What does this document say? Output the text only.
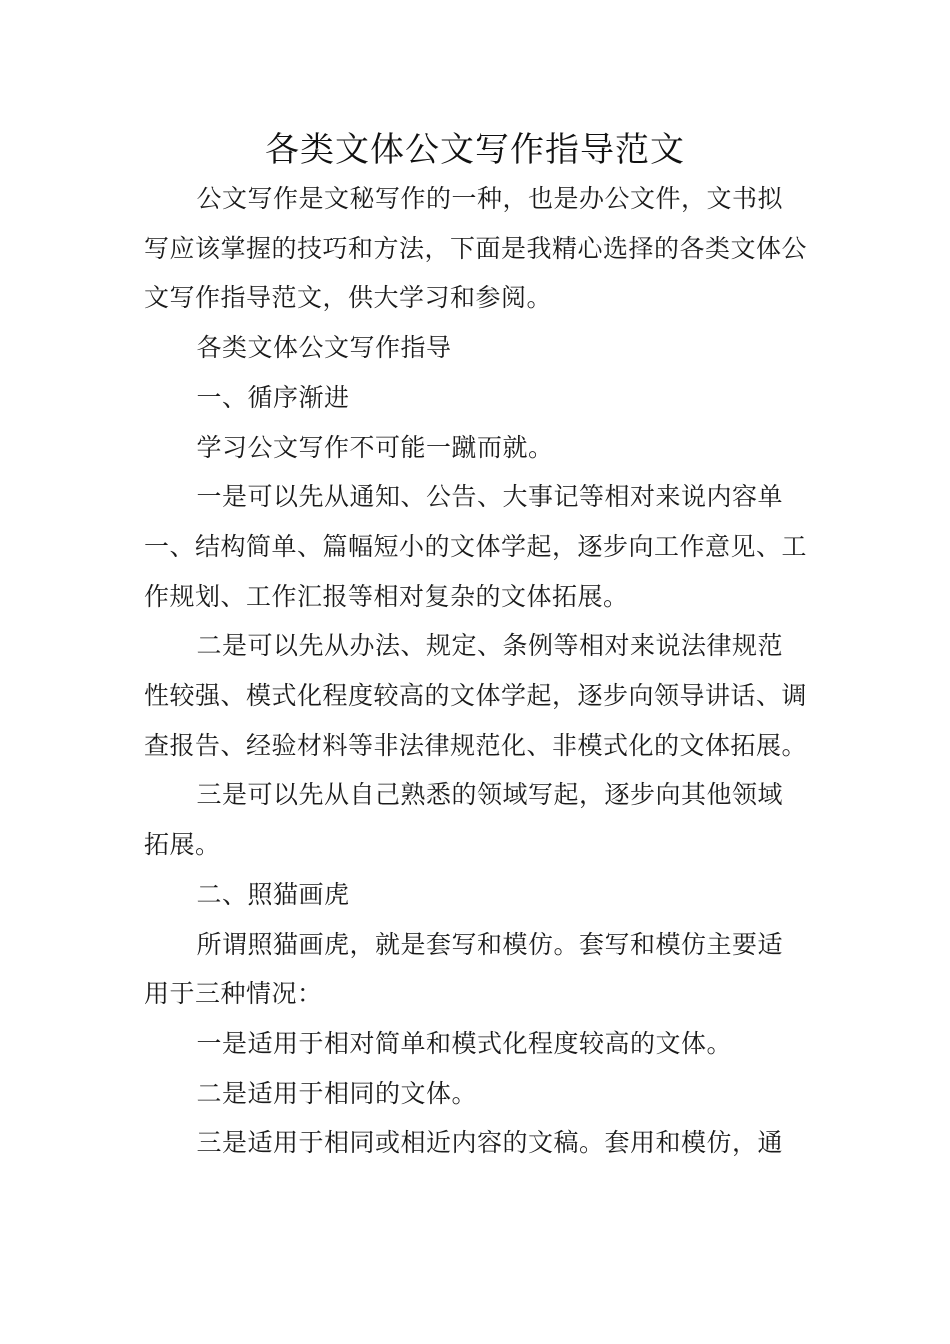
各类文体公文写作指导范文

公文写作是文秘写作的一种，也是办公文件，文书拟写应该掌握的技巧和方法，下面是我精心选择的各类文体公文写作指导范文，供大学习和参阅。

各类文体公文写作指导

一、循序渐进

学习公文写作不可能一蹴而就。

一是可以先从通知、公告、大事记等相对来说内容单一、结构简单、篇幅短小的文体学起，逐步向工作意见、工作规划、工作汇报等相对复杂的文体拓展。

二是可以先从办法、规定、条例等相对来说法律规范性较强、模式化程度较高的文体学起，逐步向领导讲话、调查报告、经验材料等非法律规范化、非模式化的文体拓展。

三是可以先从自己熟悉的领域写起，逐步向其他领域拓展。

二、照猫画虎

所谓照猫画虎，就是套写和模仿。套写和模仿主要适用于三种情况：

一是适用于相对简单和模式化程度较高的文体。

二是适用于相同的文体。

三是适用于相同或相近内容的文稿。套用和模仿，通
